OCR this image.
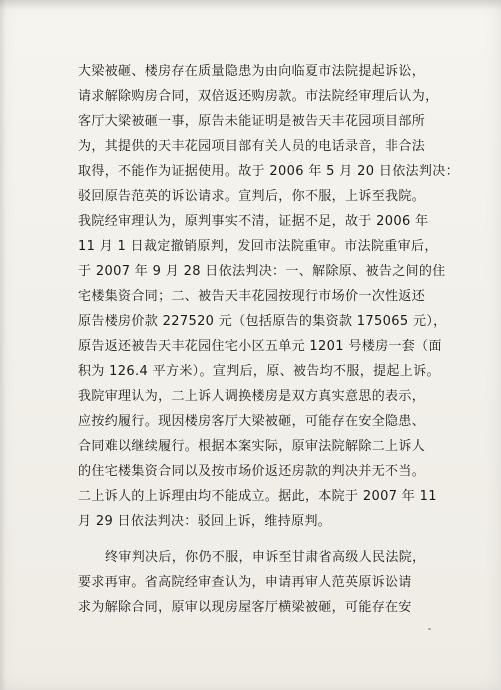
大梁被砸、楼房存在质量隐患为由向临夏市法院提起诉讼，
请求解除购房合同，双倍返还购房款。市法院经审理后认为，
客厅大梁被砸一事，原告未能证明是被告天丰花园项目部所
为，其提供的天丰花园项目部有关人员的电话录音，非合法
取得，不能作为证据使用。故于 2006 年 5 月 20 日依法判决：
驳回原告范英的诉讼请求。宣判后，你不服，上诉至我院。
我院经审理认为，原判事实不清，证据不足，故于 2006 年
11 月 1 日裁定撤销原判，发回市法院重审。市法院重审后，
于 2007 年 9 月 28 日依法判决：一、解除原、被告之间的住
宅楼集资合同；二、被告天丰花园按现行市场价一次性返还
原告楼房价款 227520 元（包括原告的集资款 175065 元），
原告返还被告天丰花园住宅小区五单元 1201 号楼房一套（面
积为 126.4 平方米）。宣判后，原、被告均不服，提起上诉。
我院审理认为，二上诉人调换楼房是双方真实意思的表示，
应按约履行。现因楼房客厅大梁被砸，可能存在安全隐患、
合同难以继续履行。根据本案实际，原审法院解除二上诉人
的住宅楼集资合同以及按市场价返还房款的判决并无不当。
二上诉人的上诉理由均不能成立。据此，本院于 2007 年 11
月 29 日依法判决：驳回上诉，维持原判。
终审判决后，你仍不服，申诉至甘肃省高级人民法院，
要求再审。省高院经审查认为，申请再审人范英原诉讼请
求为解除合同，原审以现房屋客厅横梁被砸，可能存在安
